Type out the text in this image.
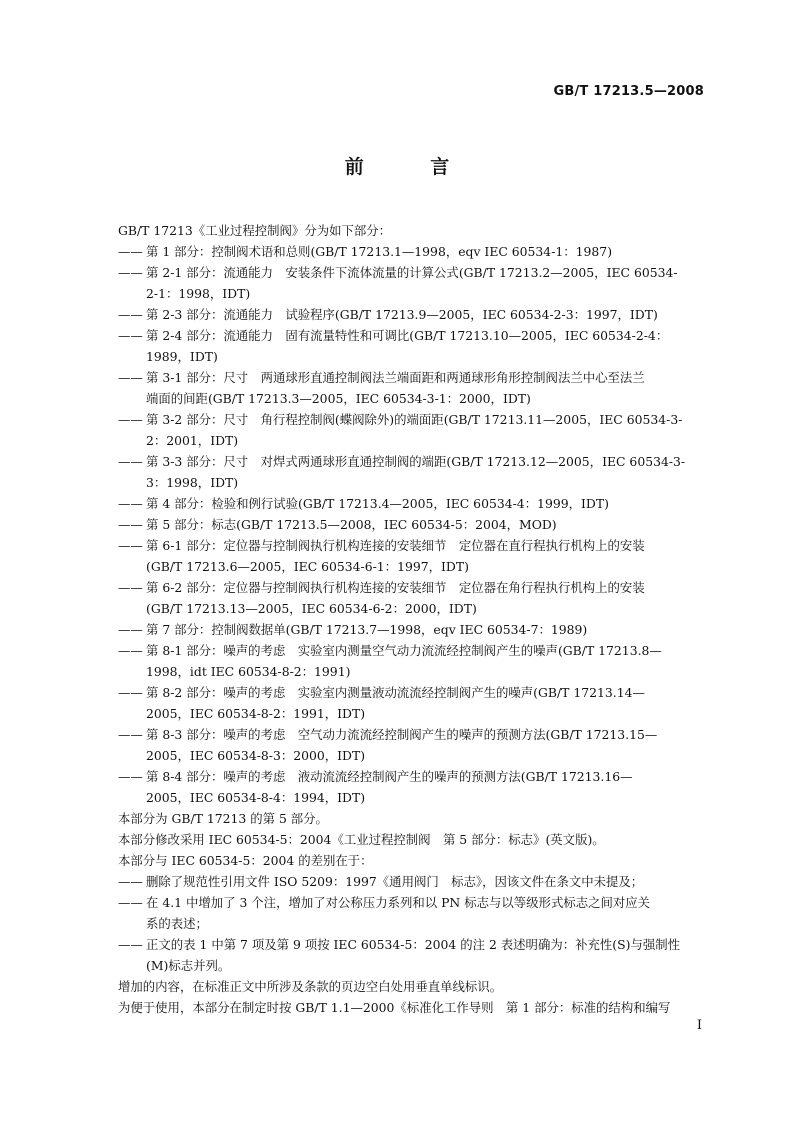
GB/T 17213.5—2008
前 言

GB/T 17213《工业过程控制阀》分为如下部分：

—— 第 1 部分：控制阀术语和总则(GB/T 17213.1—1998，eqv IEC 60534-1：1987)
—— 第 2-1 部分：流通能力　安装条件下流体流量的计算公式(GB/T 17213.2—2005，IEC 60534-
2-1：1998，IDT)
—— 第 2-3 部分：流通能力　试验程序(GB/T 17213.9—2005，IEC 60534-2-3：1997，IDT)
—— 第 2-4 部分：流通能力　固有流量特性和可调比(GB/T 17213.10—2005，IEC 60534-2-4：
1989，IDT)
—— 第 3-1 部分：尺寸　两通球形直通控制阀法兰端面距和两通球形角形控制阀法兰中心至法兰
端面的间距(GB/T 17213.3—2005，IEC 60534-3-1：2000，IDT)
—— 第 3-2 部分：尺寸　角行程控制阀(蝶阀除外)的端面距(GB/T 17213.11—2005，IEC 60534-3-
2：2001，IDT)
—— 第 3-3 部分：尺寸　对焊式两通球形直通控制阀的端距(GB/T 17213.12—2005，IEC 60534-3-
3：1998，IDT)
—— 第 4 部分：检验和例行试验(GB/T 17213.4—2005，IEC 60534-4：1999，IDT)
—— 第 5 部分：标志(GB/T 17213.5—2008，IEC 60534-5：2004，MOD)
—— 第 6-1 部分：定位器与控制阀执行机构连接的安装细节　定位器在直行程执行机构上的安装
(GB/T 17213.6—2005，IEC 60534-6-1：1997，IDT)
—— 第 6-2 部分：定位器与控制阀执行机构连接的安装细节　定位器在角行程执行机构上的安装
(GB/T 17213.13—2005，IEC 60534-6-2：2000，IDT)
—— 第 7 部分：控制阀数据单(GB/T 17213.7—1998，eqv IEC 60534-7：1989)
—— 第 8-1 部分：噪声的考虑　实验室内测量空气动力流流经控制阀产生的噪声(GB/T 17213.8—
1998，idt IEC 60534-8-2：1991)
—— 第 8-2 部分：噪声的考虑　实验室内测量液动流流经控制阀产生的噪声(GB/T 17213.14—
2005，IEC 60534-8-2：1991，IDT)
—— 第 8-3 部分：噪声的考虑　空气动力流流经控制阀产生的噪声的预测方法(GB/T 17213.15—
2005，IEC 60534-8-3：2000，IDT)
—— 第 8-4 部分：噪声的考虑　液动流流经控制阀产生的噪声的预测方法(GB/T 17213.16—
2005，IEC 60534-8-4：1994，IDT)

本部分为 GB/T 17213 的第 5 部分。

本部分修改采用 IEC 60534-5：2004《工业过程控制阀　第 5 部分：标志》(英文版)。

本部分与 IEC 60534-5：2004 的差别在于：

—— 删除了规范性引用文件 ISO 5209：1997《通用阀门　标志》，因该文件在条文中未提及；
—— 在 4.1 中增加了 3 个注，增加了对公称压力系列和以 PN 标志与以等级形式标志之间对应关
系的表述；
—— 正文的表 1 中第 7 项及第 9 项按 IEC 60534-5：2004 的注 2 表述明确为：补充性(S)与强制性
(M)标志并列。

增加的内容，在标准正文中所涉及条款的页边空白处用垂直单线标识。

为便于使用，本部分在制定时按 GB/T 1.1—2000《标准化工作导则　第 1 部分：标准的结构和编写

I
